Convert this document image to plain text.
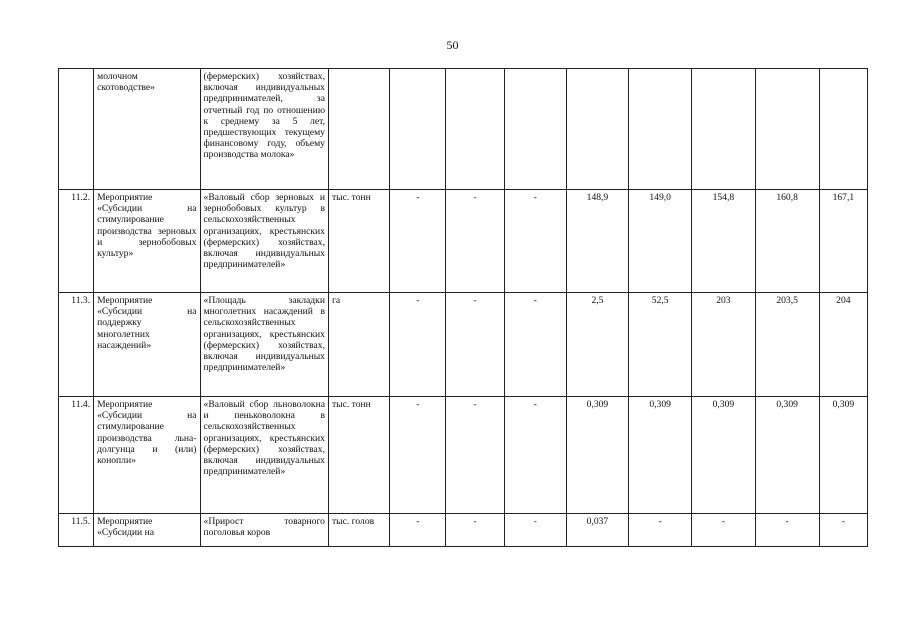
50
	молочном скотоводстве»	(фермерских) хозяйствах, включая индивидуальных предпринимателей, за отчетный год по отношению к среднему за 5 лет, предшествующих текущему финансовому году, объему производства молока»									
11.2.	Мероприятие «Субсидии на стимулирование производства зерновых и зернобобовых культур»	«Валовый сбор зерновых и зернобобовых культур в сельскохозяйственных организациях, крестьянских (фермерских) хозяйствах, включая индивидуальных предпринимателей»	тыс. тонн	-	-	-	148,9	149,0	154,8	160,8	167,1
11.3.	Мероприятие «Субсидии на поддержку многолетних насаждений»	«Площадь закладки многолетних насаждений в сельскохозяйственных организациях, крестьянских (фермерских) хозяйствах, включая индивидуальных предпринимателей»	га	-	-	-	2,5	52,5	203	203,5	204
11.4.	Мероприятие «Субсидии на стимулирование производства льна-долгунца и (или) конопли»	«Валовый сбор льноволокна и пеньковолокна в сельскохозяйственных организациях, крестьянских (фермерских) хозяйствах, включая индивидуальных предпринимателей»	тыс. тонн	-	-	-	0,309	0,309	0,309	0,309	0,309
11.5.	Мероприятие «Субсидии на	«Прирост товарного поголовья коров	тыс. голов	-	-	-	0,037	-	-	-	-
